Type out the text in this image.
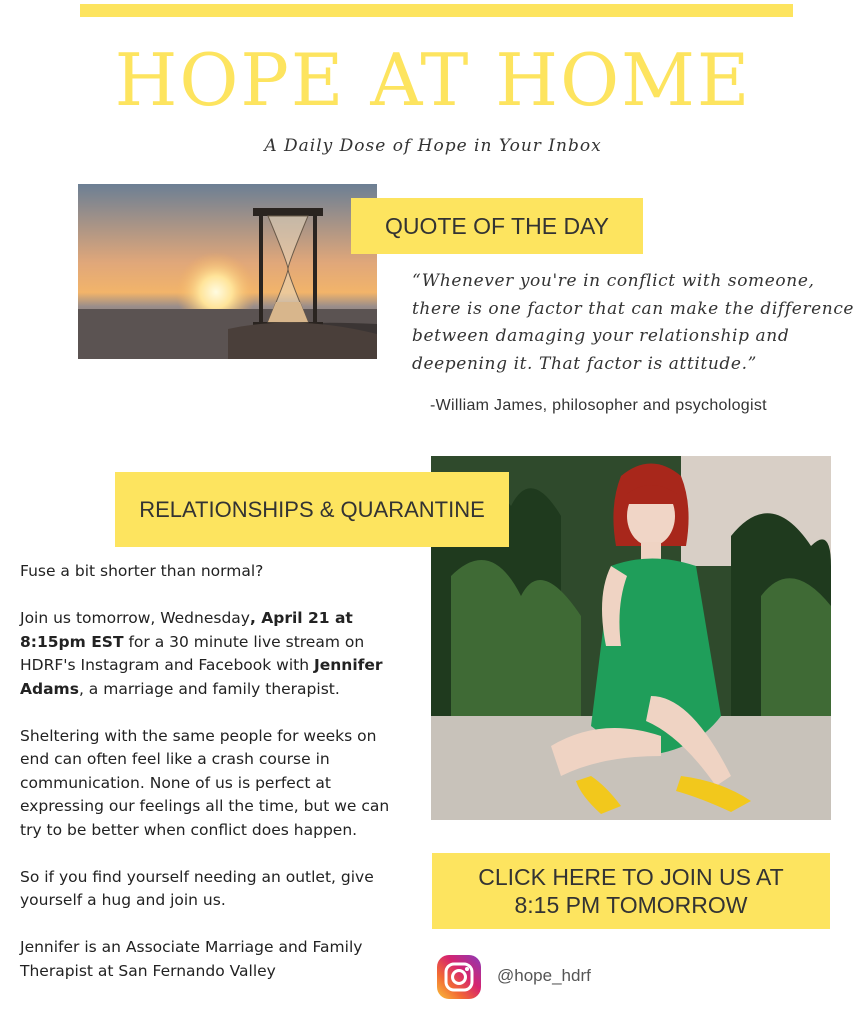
HOPE AT HOME
A Daily Dose of Hope in Your Inbox
QUOTE OF THE DAY
“Whenever you're in conflict with someone, there is one factor that can make the difference between damaging your relationship and deepening it. That factor is attitude.”
-William James, philosopher and psychologist
RELATIONSHIPS & QUARANTINE

Fuse a bit shorter than normal?

Join us tomorrow, Wednesday, April 21 at 8:15pm EST for a 30 minute live stream on HDRF's Instagram and Facebook with Jennifer Adams, a marriage and family therapist.

Sheltering with the same people for weeks on end can often feel like a crash course in communication. None of us is perfect at expressing our feelings all the time, but we can try to be better when conflict does happen.

So if you find yourself needing an outlet, give yourself a hug and join us.

Jennifer is an Associate Marriage and Family Therapist at San Fernando Valley

CLICK HERE TO JOIN US AT
8:15 PM TOMORROW
@hope_hdrf
